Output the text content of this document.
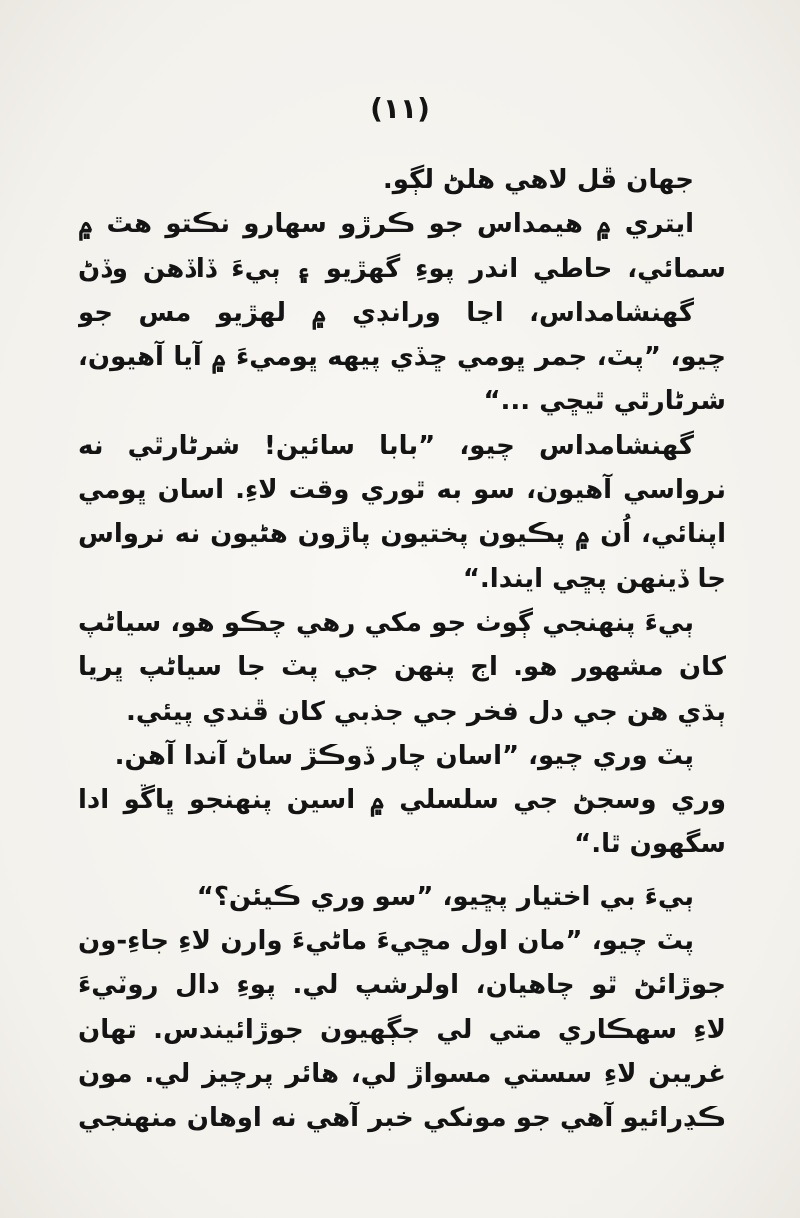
(١١)
جهان ڦل لاهي هلڻ لڳو.
ايتري ۾ هيمداس جو ڪرڙو سهارو نڪتو هٿ ۾
سمائي، حاطي اندر پوءِ گهڙيو ۽ ٻيءَ ڏاڏهن وڏڻ
گهنشامداس، اڃا ورانڊي ۾ لهڙيو مس جو
چيو، ”پٽ، جمر ڀومي ڇڏي پيهه ڀوميءَ ۾ آيا آهيون،
شرڻارٿي ٿيڇي ...“
گهنشامداس چيو، ”بابا سائين! شرڻارٿي نه
نرواسي آهيون، سو به ٿوري وقت لاءِ. اسان ڀومي
اپنائي، اُن ۾ پڪيون پختيون پاڙون هڻيون نه نرواس
جا ڏينهن پڇي ايندا.“
ٻيءَ پنهنجي ڳوٺ جو مکي رهي چڪو هو، سياڻپ
کان مشهور هو. اڄ پنهن جي پٽ جا سياڻپ ڀريا
ٻڌي هن جي دل فخر جي جذبي کان ڦندي پيئي.
پٽ وري چيو، ”اسان چار ڏوڪڙ ساڻ آندا آهن.
وري وسجڻ جي سلسلي ۾ اسين پنهنجو ڀاڱو ادا
سگهون ٿا.“
ٻيءَ بي اختيار پڇيو، ”سو وري ڪيئن؟“
پٽ چيو، ”مان اول مڇيءَ ماڻيءَ وارن لاءِ جاءِ-ون
جوڙائڻ ٿو چاهيان، اولرشپ لي. پوءِ دال روٽيءَ
لاءِ سهڪاري متي لي جڳهيون جوڙائيندس. تهان
غريبن لاءِ سستي مسواڙ لي، هائر پرچيز لي. مون
ڪڍرائيو آهي جو مونکي خبر آهي نه اوهان منهنجي
